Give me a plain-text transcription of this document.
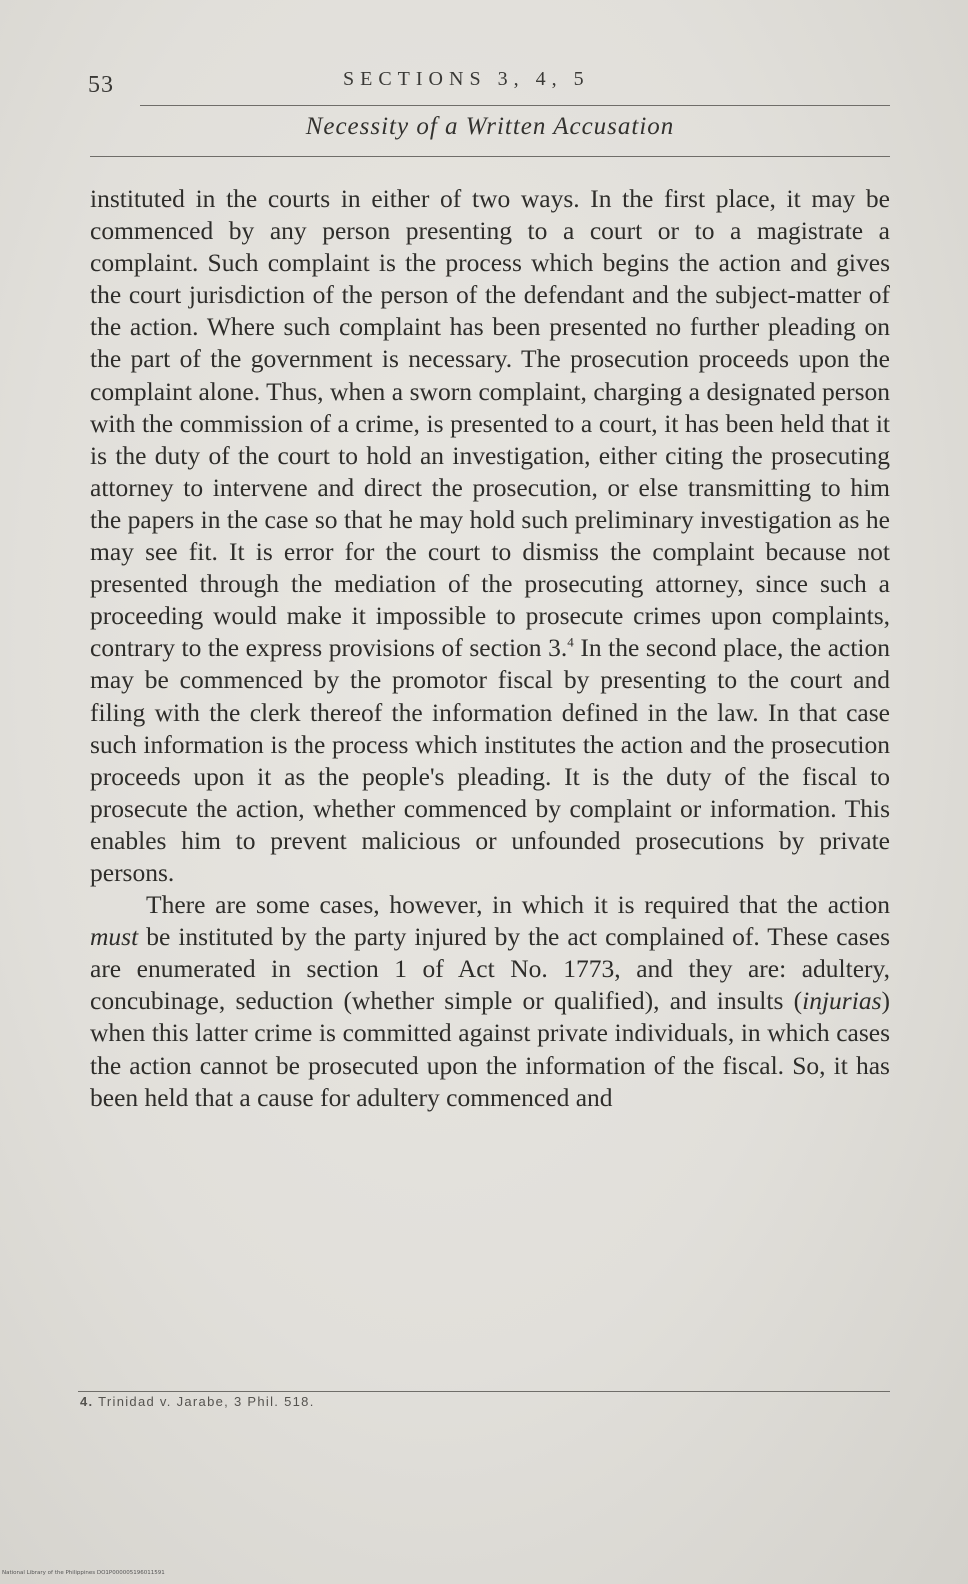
53	SECTIONS 3, 4, 5
Necessity of a Written Accusation

instituted in the courts in either of two ways. In the first place, it may be commenced by any person presenting to a court or to a magistrate a complaint. Such complaint is the process which begins the action and gives the court jurisdiction of the person of the defendant and the subject-matter of the action. Where such complaint has been presented no further pleading on the part of the government is necessary. The prosecution proceeds upon the complaint alone. Thus, when a sworn complaint, charging a designated person with the commission of a crime, is presented to a court, it has been held that it is the duty of the court to hold an investigation, either citing the prosecuting attorney to intervene and direct the prosecution, or else transmitting to him the papers in the case so that he may hold such preliminary investigation as he may see fit. It is error for the court to dismiss the complaint because not presented through the mediation of the prosecuting attorney, since such a proceeding would make it impossible to prosecute crimes upon complaints, contrary to the express provisions of section 3.$^4$ In the second place, the action may be commenced by the promotor fiscal by presenting to the court and filing with the clerk thereof the information defined in the law. In that case such information is the process which institutes the action and the prosecution proceeds upon it as the people's pleading. It is the duty of the fiscal to prosecute the action, whether commenced by complaint or information. This enables him to prevent malicious or unfounded prosecutions by private persons.

There are some cases, however, in which it is required that the action must be instituted by the party injured by the act complained of. These cases are enumerated in section 1 of Act No. 1773, and they are: adultery, concubinage, seduction (whether simple or qualified), and insults (injurias) when this latter crime is committed against private individuals, in which cases the action cannot be prosecuted upon the information of the fiscal. So, it has been held that a cause for adultery commenced and

4. Trinidad v. Jarabe, 3 Phil. 518.
National Library of the Philippines DO1P000005196011591
